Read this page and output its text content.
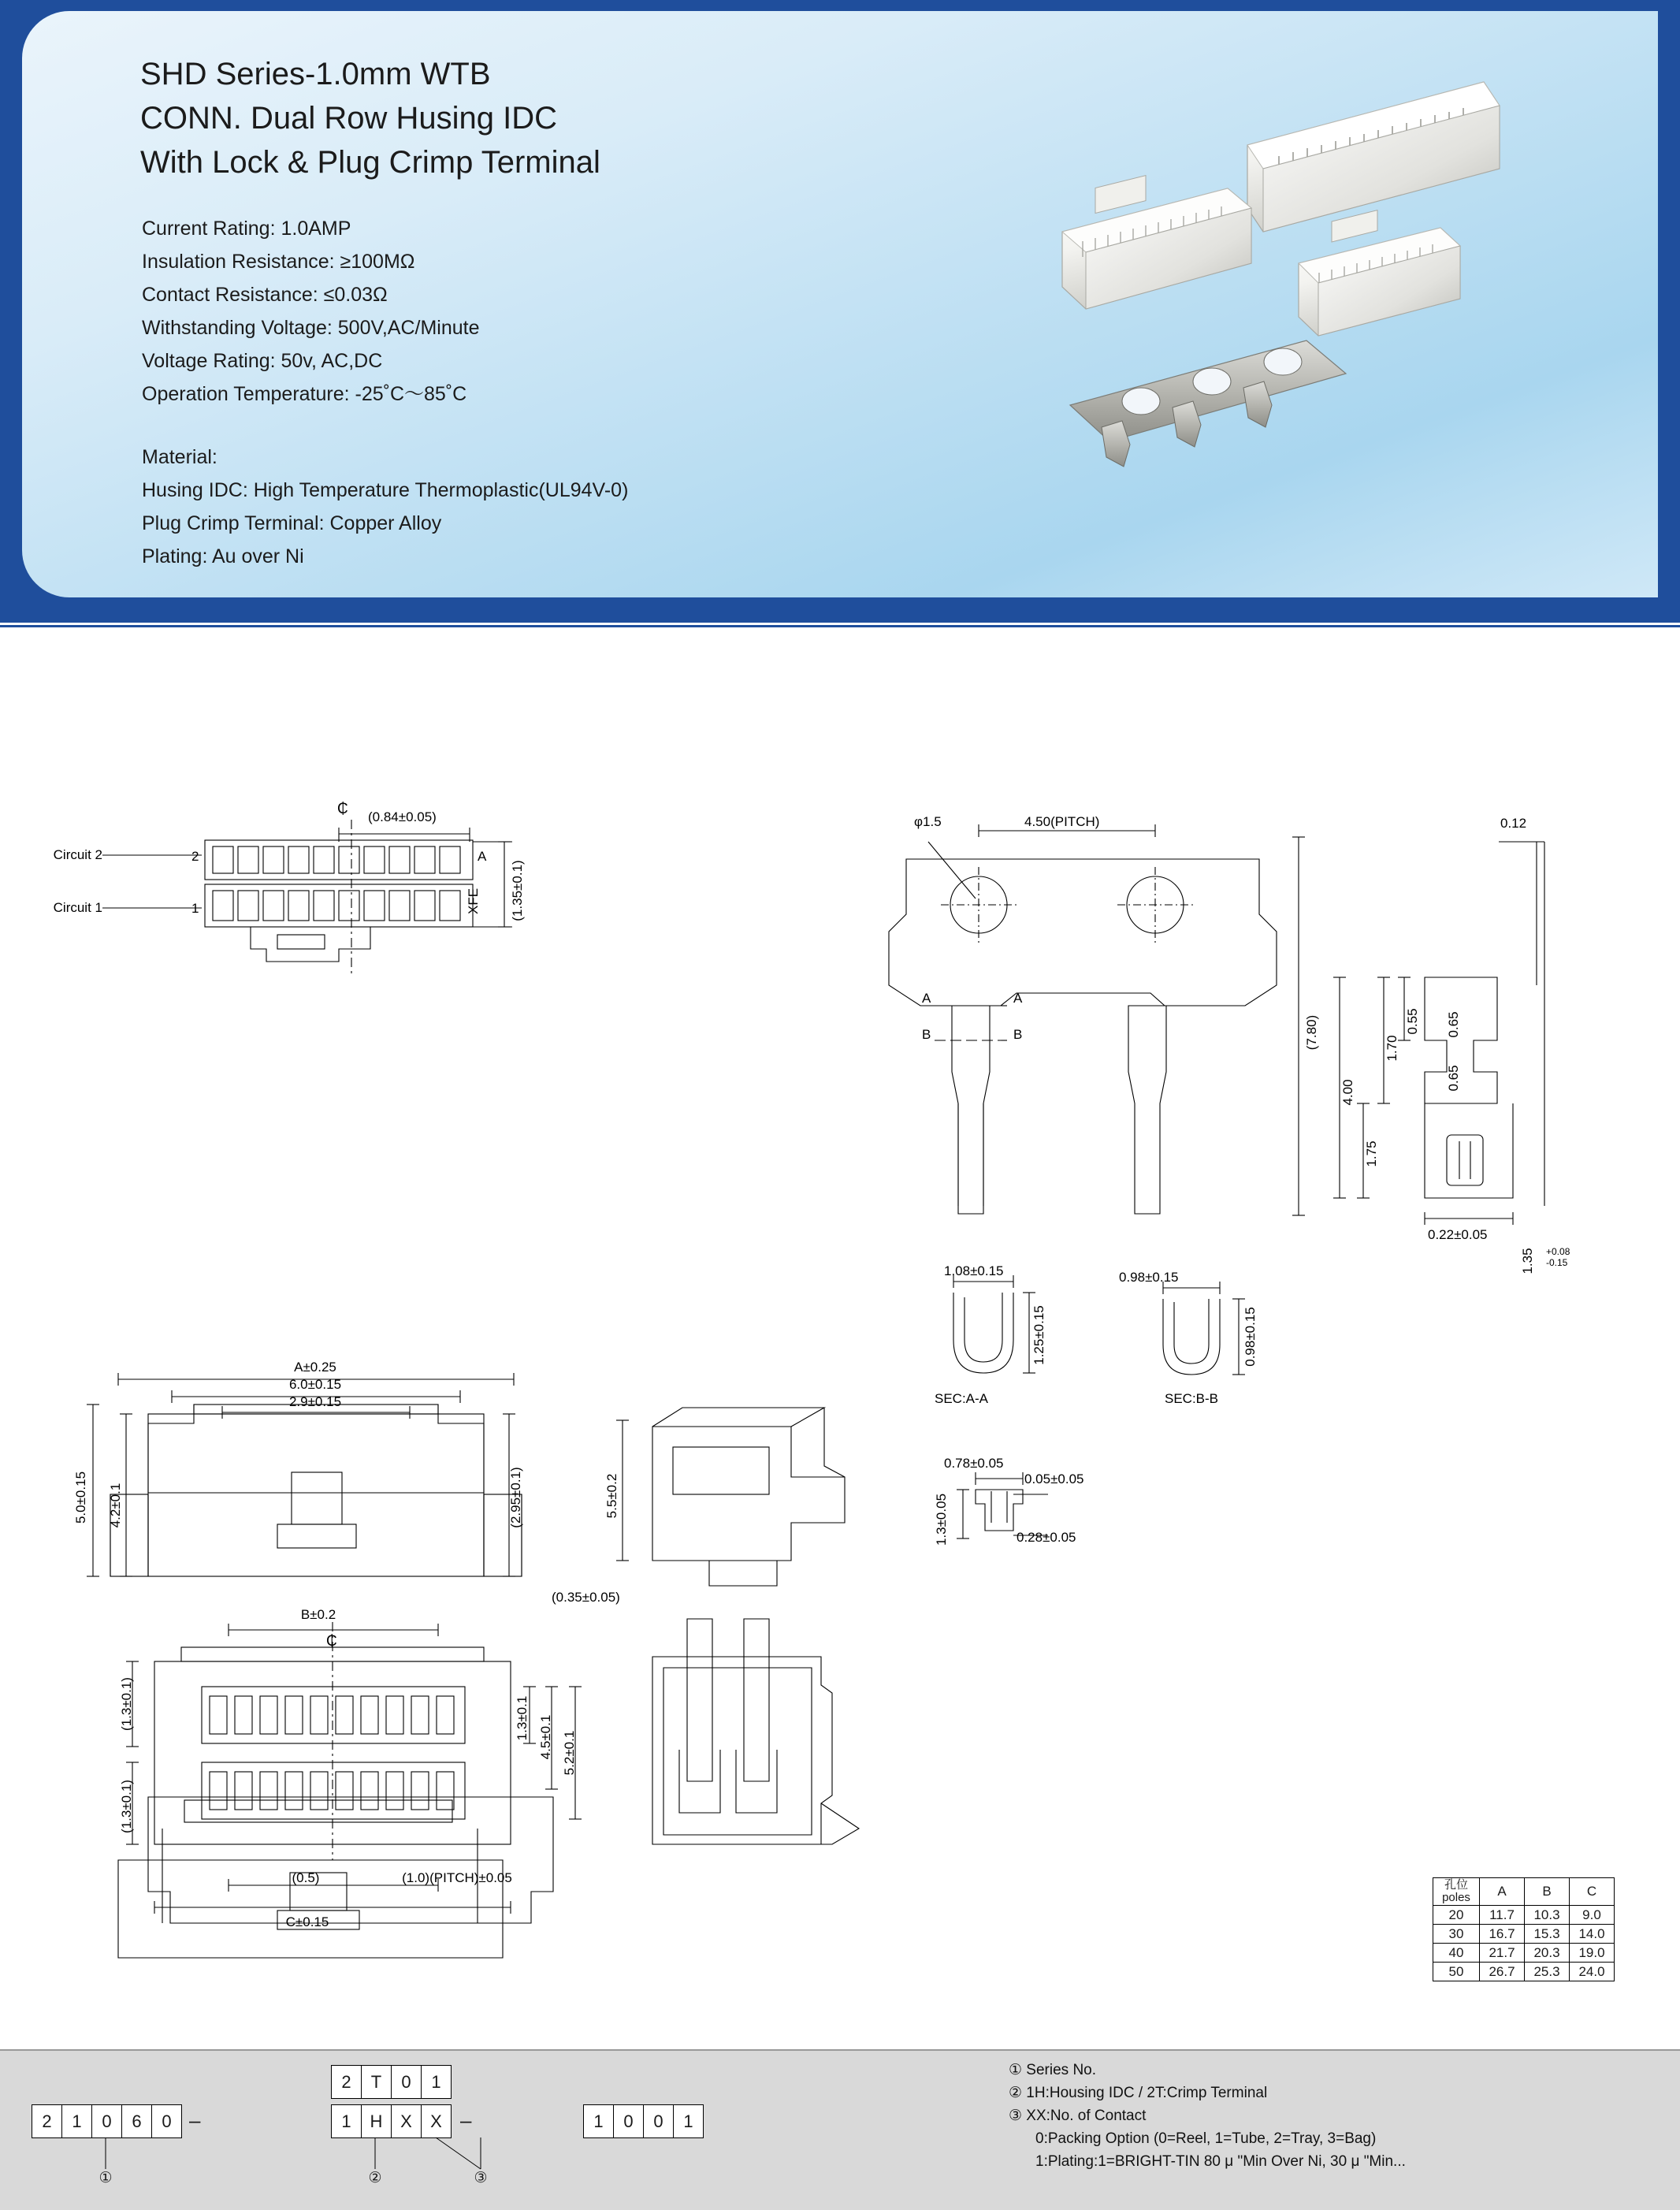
SHD Series-1.0mm WTB
CONN. Dual Row Husing IDC
With Lock & Plug Crimp Terminal
Current Rating: 1.0AMP
Insulation Resistance: ≥100MΩ
Contact Resistance: ≤0.03Ω
Withstanding Voltage: 500V,AC/Minute
Voltage Rating: 50v, AC,DC
Operation Temperature: -25˚C～85˚C
Material:
Husing IDC: High Temperature Thermoplastic(UL94V-0)
Plug Crimp Terminal: Copper Alloy
Plating: Au over Ni
Circuit 2
Circuit 1
2
1
(0.84±0.05)
A
XFE (1.35±0.1)
₵
φ1.5	4.50(PITCH)
(7.80)
A	A
B	B
1.08±0.15
1.25±0.15
0.98±0.15
0.98±0.15
SEC:A-A	SEC:B-B
0.78±0.05
0.05±0.05
1.3±0.05	0.28±0.05
0.12
0.55 0.65
1.70
0.65
1.75
4.00
0.22±0.05
1.35 +0.08
-0.15
A±0.25
6.0±0.15
2.9±0.15
5.0±0.15 4.2±0.1	(2.95±0.1)	5.5±0.2
(0.35±0.05)
B±0.2
₵
(1.3±0.1)
(1.3±0.1)
1.3±0.1 4.5±0.1 5.2±0.1
(0.5)	(1.0)(PITCH)±0.05
C±0.15
孔位
poles	A	B	C
20	11.7	10.3	9.0
30	16.7	15.3	14.0
40	21.7	20.3	19.0
50	26.7	25.3	24.0
2	T	0	1
2	1	0	6	0 –	1	H	X	X –	1	0	0	1
①	②	③
① Series No.
② 1H:Housing IDC / 2T:Crimp Terminal
③ XX:No. of Contact
0:Packing Option (0=Reel, 1=Tube, 2=Tray, 3=Bag)
1:Plating:1=BRIGHT-TIN 80 μ "Min Over Ni, 30 μ "Min...
